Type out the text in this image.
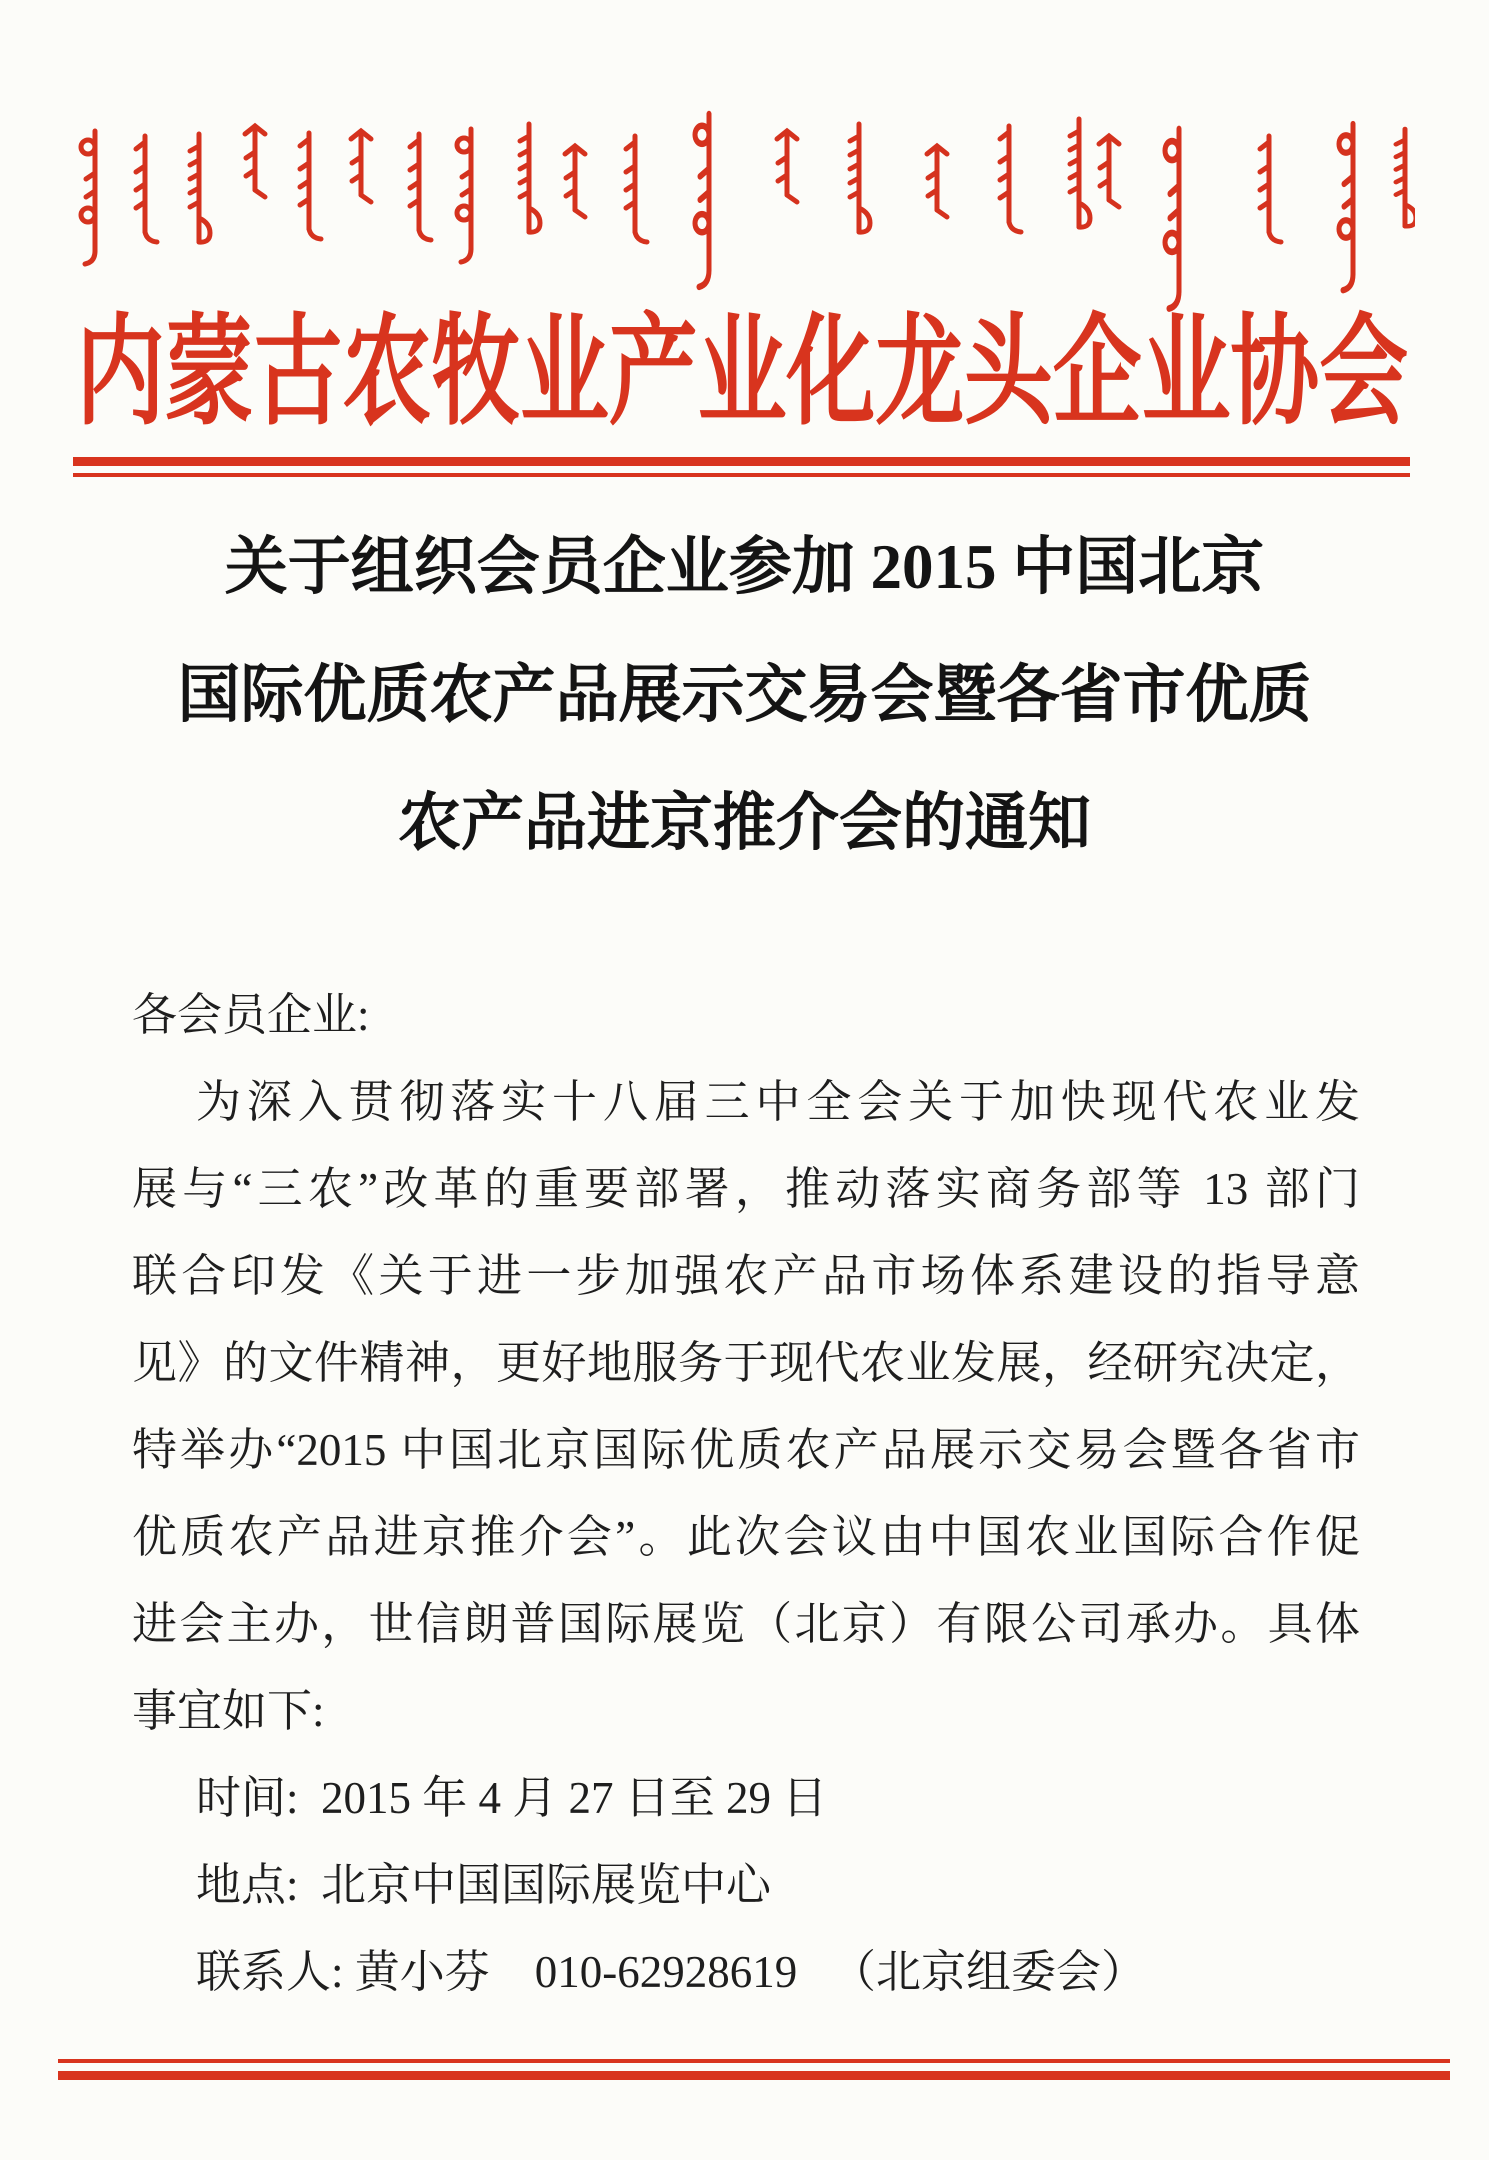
内蒙古农牧业产业化龙头企业协会
关于组织会员企业参加 2015 中国北京
国际优质农产品展示交易会暨各省市优质
农产品进京推介会的通知
各会员企业:
为深入贯彻落实十八届三中全会关于加快现代农业发
展与“三农”改革的重要部署，推动落实商务部等 13 部门
联合印发《关于进一步加强农产品市场体系建设的指导意
见》的文件精神，更好地服务于现代农业发展，经研究决定，
特举办“2015 中国北京国际优质农产品展示交易会暨各省市
优质农产品进京推介会”。此次会议由中国农业国际合作促
进会主办，世信朗普国际展览（北京）有限公司承办。具体
事宜如下:
时间:  2015 年 4 月 27 日至 29 日
地点:  北京中国国际展览中心
联系人: 黄小芬    010-62928619   （北京组委会）
